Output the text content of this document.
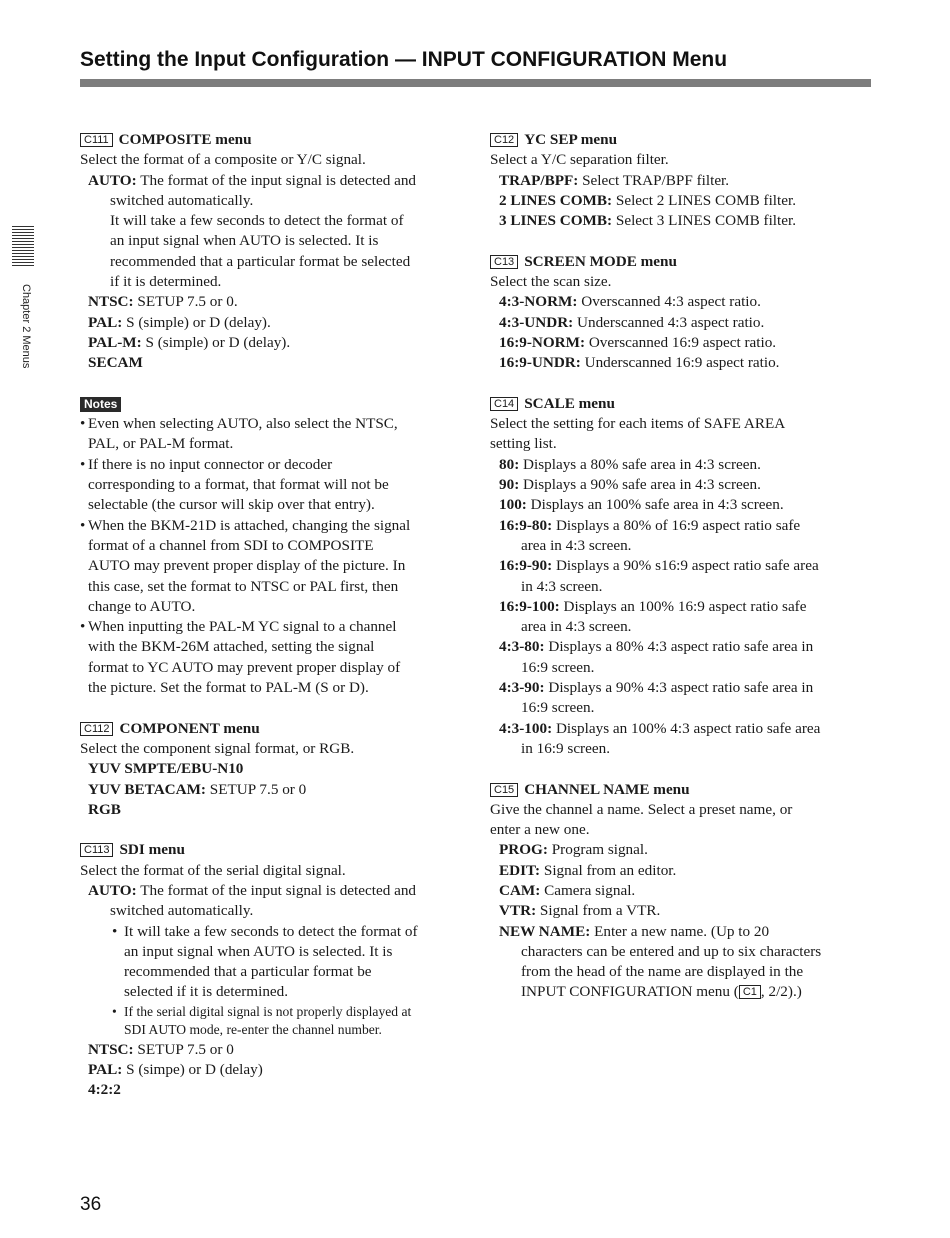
Setting the Input Configuration — INPUT CONFIGURATION Menu
Chapter 2 Menus
C111 COMPOSITE menu
Select the format of a composite or Y/C signal.
AUTO: The format of the input signal is detected and
switched automatically.
It will take a few seconds to detect the format of
an input signal when AUTO is selected. It is
recommended that a particular format be selected
if it is determined.
NTSC: SETUP 7.5 or 0.
PAL: S (simple) or D (delay).
PAL-M: S (simple) or D (delay).
SECAM
Notes
• Even when selecting AUTO, also select the NTSC,
PAL, or PAL-M format.
• If there is no input connector or decoder
corresponding to a format, that format will not be
selectable (the cursor will skip over that entry).
• When the BKM-21D is attached, changing the signal
format of a channel from SDI to COMPOSITE
AUTO may prevent proper display of the picture. In
this case, set the format to NTSC or PAL first, then
change to AUTO.
• When inputting the PAL-M YC signal to a channel
with the BKM-26M attached, setting the signal
format to YC AUTO may prevent proper display of
the picture. Set the format to PAL-M (S or D).
C112 COMPONENT menu
Select the component signal format, or RGB.
YUV SMPTE/EBU-N10
YUV BETACAM: SETUP 7.5 or 0
RGB
C113 SDI menu
Select the format of the serial digital signal.
AUTO: The format of the input signal is detected and
switched automatically.
• It will take a few seconds to detect the format of
an input signal when AUTO is selected. It is
recommended that a particular format be
selected if it is determined.
• If the serial digital signal is not properly displayed at
SDI AUTO mode, re-enter the channel number.
NTSC: SETUP 7.5 or 0
PAL: S (simpe) or D (delay)
4:2:2
C12 YC SEP menu
Select a Y/C separation filter.
TRAP/BPF: Select TRAP/BPF filter.
2 LINES COMB: Select 2 LINES COMB filter.
3 LINES COMB: Select 3 LINES COMB filter.
C13 SCREEN MODE menu
Select the scan size.
4:3-NORM: Overscanned 4:3 aspect ratio.
4:3-UNDR: Underscanned 4:3 aspect ratio.
16:9-NORM: Overscanned 16:9 aspect ratio.
16:9-UNDR: Underscanned 16:9 aspect ratio.
C14 SCALE menu
Select the setting for each items of SAFE AREA
setting list.
80: Displays a 80% safe area in 4:3 screen.
90: Displays a 90% safe area in 4:3 screen.
100: Displays an 100% safe area in 4:3 screen.
16:9-80: Displays a 80% of 16:9 aspect ratio safe
area in 4:3 screen.
16:9-90: Displays a 90% s16:9 aspect ratio safe area
in 4:3 screen.
16:9-100: Displays an 100% 16:9 aspect ratio safe
area in 4:3 screen.
4:3-80: Displays a 80% 4:3 aspect ratio safe area in
16:9 screen.
4:3-90: Displays a 90% 4:3 aspect ratio safe area in
16:9 screen.
4:3-100: Displays an 100% 4:3 aspect ratio safe area
in 16:9 screen.
C15 CHANNEL NAME menu
Give the channel a name. Select a preset name, or
enter a new one.
PROG: Program signal.
EDIT: Signal from an editor.
CAM: Camera signal.
VTR: Signal from a VTR.
NEW NAME: Enter a new name. (Up to 20
characters can be entered and up to six characters
from the head of the name are displayed in the
INPUT CONFIGURATION menu ( C1 , 2/2).)
36
